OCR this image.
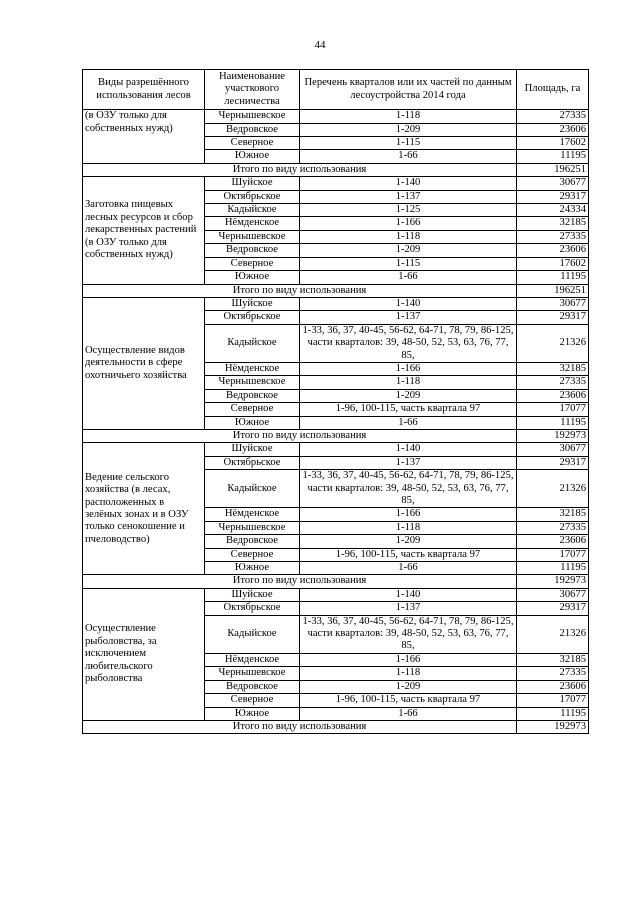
44
Виды разрешённого использования лесов	Наименование участкового лесничества	Перечень кварталов или их частей по данным лесоустройства 2014 года	Площадь, га

(в ОЗУ только для собственных нужд)	Чернышевское	1-118	27335
	Ведровское	1-209	23606
	Северное	1-115	17602
	Южное	1-66	11195
Итого по виду использования			196251

Заготовка пищевых лесных ресурсов и сбор лекарственных растений
(в ОЗУ только для собственных нужд)	Шуйское	1-140	30677
	Октябрьское	1-137	29317
	Кадыйское	1-125	24334
	Нёмденское	1-166	32185
	Чернышевское	1-118	27335
	Ведровское	1-209	23606
	Северное	1-115	17602
	Южное	1-66	11195
Итого по виду использования			196251

Осуществление видов деятельности в сфере охотничьего хозяйства	Шуйское	1-140	30677
	Октябрьское	1-137	29317
	Кадыйское	1-33, 36, 37, 40-45, 56-62, 64-71, 78, 79, 86-125, части кварталов: 39, 48-50, 52, 53, 63, 76, 77, 85,	21326
	Нёмденское	1-166	32185
	Чернышевское	1-118	27335
	Ведровское	1-209	23606
	Северное	1-96, 100-115, часть квартала 97	17077
	Южное	1-66	11195
Итого по виду использования			192973

Ведение сельского хозяйства (в лесах, расположенных в зелёных зонах и в ОЗУ только сенокошение и пчеловодство)	Шуйское	1-140	30677
	Октябрьское	1-137	29317
	Кадыйское	1-33, 36, 37, 40-45, 56-62, 64-71, 78, 79, 86-125, части кварталов: 39, 48-50, 52, 53, 63, 76, 77, 85,	21326
	Нёмденское	1-166	32185
	Чернышевское	1-118	27335
	Ведровское	1-209	23606
	Северное	1-96, 100-115, часть квартала 97	17077
	Южное	1-66	11195
Итого по виду использования			192973

Осуществление рыболовства, за исключением любительского рыболовства	Шуйское	1-140	30677
	Октябрьское	1-137	29317
	Кадыйское	1-33, 36, 37, 40-45, 56-62, 64-71, 78, 79, 86-125, части кварталов: 39, 48-50, 52, 53, 63, 76, 77, 85,	21326
	Нёмденское	1-166	32185
	Чернышевское	1-118	27335
	Ведровское	1-209	23606
	Северное	1-96, 100-115, часть квартала 97	17077
	Южное	1-66	11195
Итого по виду использования			192973
